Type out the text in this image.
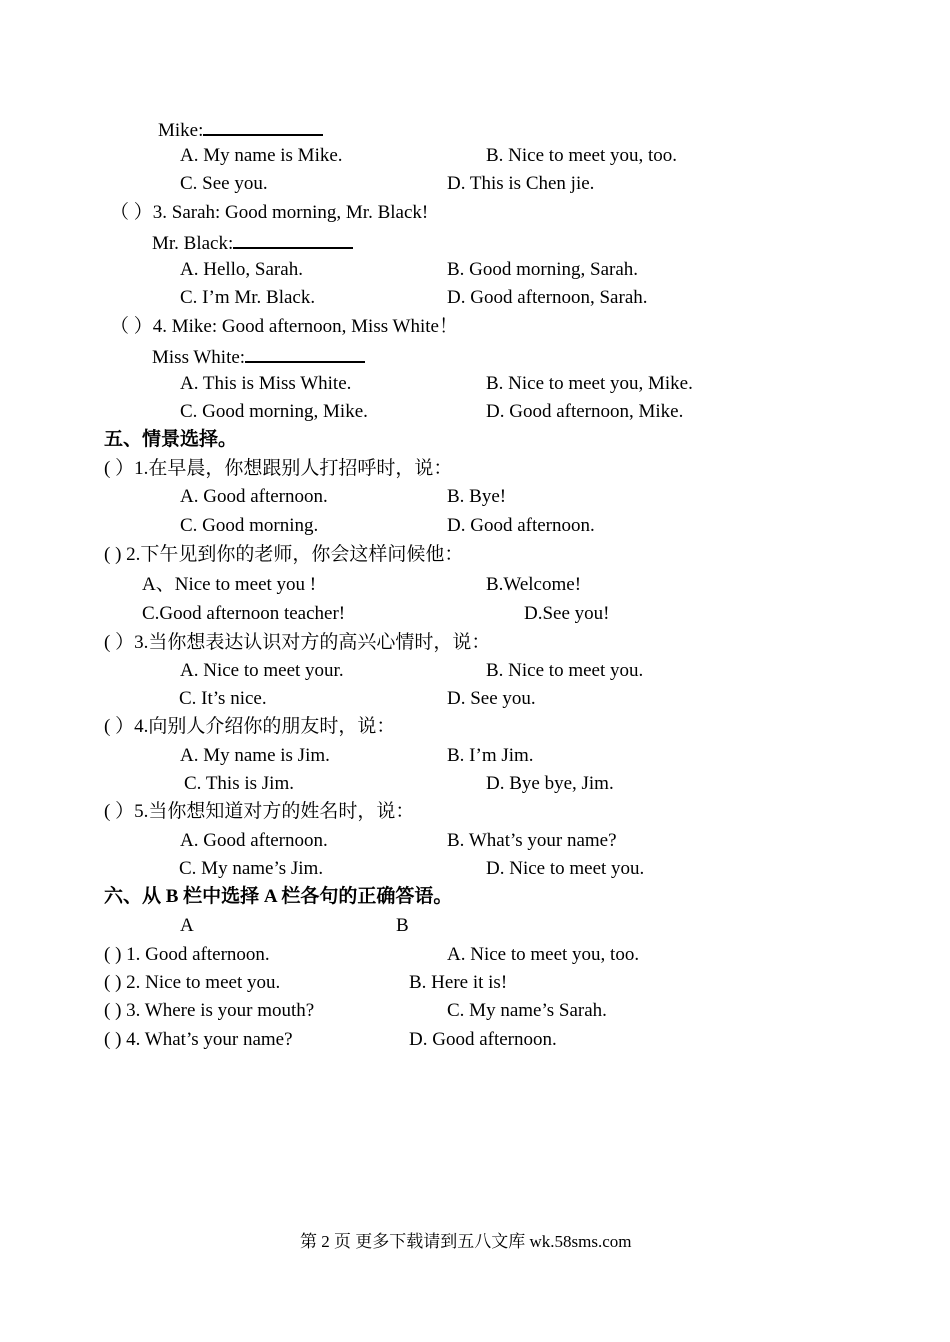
Mike:
A. My name is Mike.	B. Nice to meet you, too.
C. See you.	D. This is Chen jie.
（ ）3. Sarah: Good morning, Mr. Black!
Mr. Black:
A. Hello, Sarah.	B. Good morning, Sarah.
C. I’m Mr. Black.	D. Good afternoon, Sarah.
（ ）4. Mike: Good afternoon, Miss White！
Miss White:
A. This is Miss White.	B. Nice to meet you, Mike.
C. Good morning, Mike.	D. Good afternoon, Mike.
五、情景选择。
( ）1.在早晨，你想跟别人打招呼时，说：
A. Good afternoon.	B. Bye!
C. Good morning.	D. Good afternoon.
( ) 2.下午见到你的老师，你会这样问候他：
A、Nice to meet you !	B.Welcome!
C.Good afternoon teacher!	D.See you!
( ）3.当你想表达认识对方的高兴心情时，说：
A. Nice to meet your.	B. Nice to meet you.
C. It’s nice.	D. See you.
( ）4.向别人介绍你的朋友时，说：
A. My name is Jim.	B. I’m Jim.
C. This is Jim.	D. Bye bye, Jim.
( ）5.当你想知道对方的姓名时，说：
A. Good afternoon.	B. What’s your name?
C. My name’s Jim.	D. Nice to meet you.
六、从 B 栏中选择 A 栏各句的正确答语。
A	B
( ) 1. Good afternoon.	A. Nice to meet you, too.
( ) 2. Nice to meet you.	B. Here it is!
( ) 3. Where is your mouth?	C. My name’s Sarah.
( ) 4. What’s your name?	D. Good afternoon.
第 2 页 更多下载请到五八文库 wk.58sms.com
